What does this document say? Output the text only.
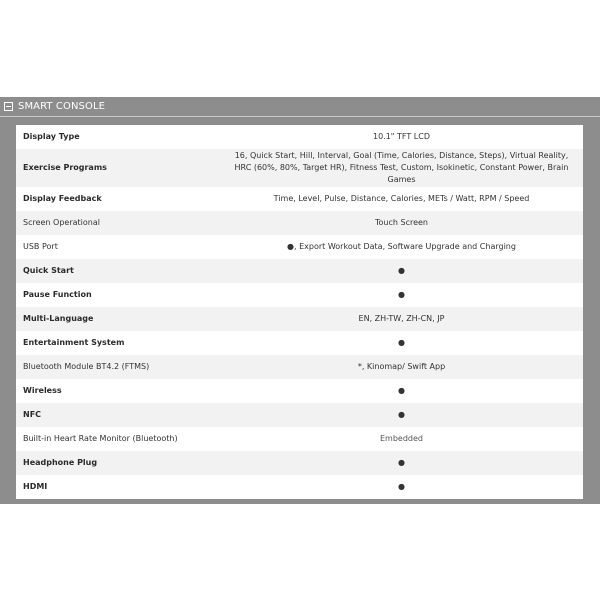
SMART CONSOLE
Display Type	10.1" TFT LCD
Exercise Programs	16, Quick Start, Hill, Interval, Goal (Time, Calories, Distance, Steps), Virtual Reality, HRC (60%, 80%, Target HR), Fitness Test, Custom, Isokinetic, Constant Power, Brain Games
Display Feedback	Time, Level, Pulse, Distance, Calories, METs / Watt, RPM / Speed
Screen Operational	Touch Screen
USB Port	●, Export Workout Data, Software Upgrade and Charging
Quick Start	●
Pause Function	●
Multi-Language	EN, ZH-TW, ZH-CN, JP
Entertainment System	●
Bluetooth Module BT4.2 (FTMS)	*, Kinomap/ Swift App
Wireless	●
NFC	●
Built-in Heart Rate Monitor (Bluetooth)	Embedded
Headphone Plug	●
HDMI	●
